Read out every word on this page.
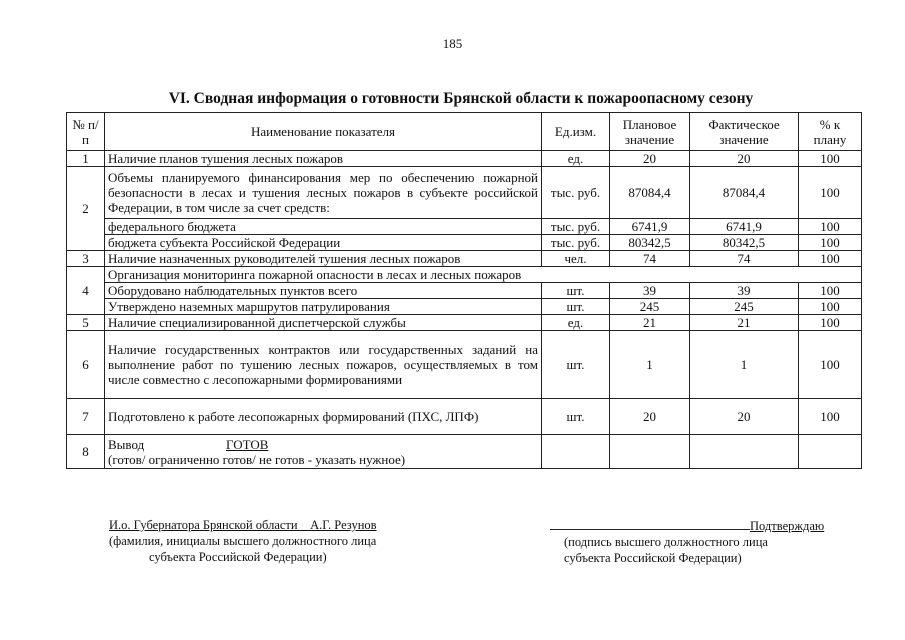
185
VI. Сводная информация о готовности Брянской области к пожароопасному сезону
№ п/п	Наименование показателя	Ед.изм.	Плановое значение	Фактическое значение	% к плану
1	Наличие планов тушения лесных пожаров	ед.	20	20	100
2	Объемы планируемого финансирования мер по обеспечению пожарной безопасности в лесах и тушения лесных пожаров в субъекте российской Федерации, в том числе за счет средств:	тыс. руб.	87084,4	87084,4	100
	федерального бюджета	тыс. руб.	6741,9	6741,9	100
	бюджета субъекта Российской Федерации	тыс. руб.	80342,5	80342,5	100
3	Наличие назначенных руководителей тушения лесных пожаров	чел.	74	74	100
4	Организация мониторинга пожарной опасности в лесах и лесных пожаров				
	Оборудовано наблюдательных пунктов всего	шт.	39	39	100
	Утверждено наземных маршрутов патрулирования	шт.	245	245	100
5	Наличие специализированной диспетчерской службы	ед.	21	21	100
6	Наличие государственных контрактов или государственных заданий на выполнение работ по тушению лесных пожаров, осуществляемых в том числе совместно с лесопожарными формированиями	шт.	1	1	100
7	Подготовлено к работе лесопожарных формирований (ПХС, ЛПФ)	шт.	20	20	100
8	Вывод ГОТОВ
(готов/ ограниченно готов/ не готов - указать нужное)				
И.о. Губернатора Брянской области    А.Г. Резунов
(фамилия, инициалы высшего должностного лица
субъекта Российской Федерации)
Подтверждаю
(подпись высшего должностного лица
субъекта Российской Федерации)
